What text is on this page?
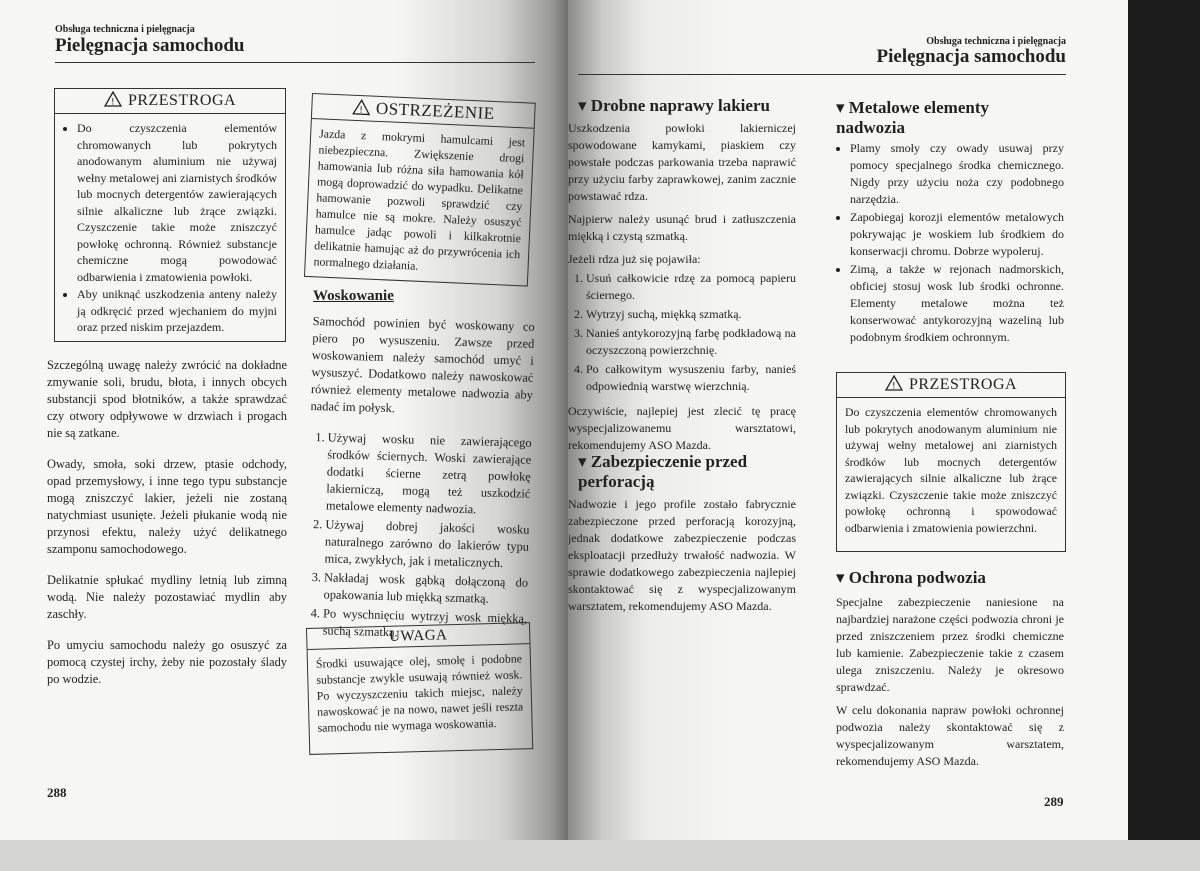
Obsługa techniczna i pielęgnacja
Pielęgnacja samochodu
! PRZESTROGA
• Do czyszczenia elementów chromowanych lub pokrytych anodowanym aluminium nie używaj wełny metalowej ani ziarnistych środków lub mocnych detergentów zawierających silnie alkaliczne lub żrące związki. Czyszczenie takie może zniszczyć powłokę ochronną. Również substancje chemiczne mogą powodować odbarwienia i zmatowienia powłoki.
• Aby uniknąć uszkodzenia anteny należy ją odkręcić przed wjechaniem do myjni oraz przed niskim przejazdem.

Szczególną uwagę należy zwrócić na dokładne zmywanie soli, brudu, błota, i innych obcych substancji spod błotników, a także sprawdzać czy otwory odpływowe w drzwiach i progach nie są zatkane.

Owady, smoła, soki drzew, ptasie odchody, opad przemysłowy, i inne tego typu substancje mogą zniszczyć lakier, jeżeli nie zostaną natychmiast usunięte. Jeżeli płukanie wodą nie przynosi efektu, należy użyć delikatnego szamponu samochodowego.

Delikatnie spłukać mydliny letnią lub zimną wodą. Nie należy pozostawiać mydlin aby zaschły.

Po umyciu samochodu należy go osuszyć za pomocą czystej irchy, żeby nie pozostały ślady po wodzie.

! OSTRZEŻENIE
Jazda z mokrymi hamulcami jest niebezpieczna. Zwiększenie drogi hamowania lub różna siła hamowania kół mogą doprowadzić do wypadku. Delikatne hamowanie pozwoli sprawdzić czy hamulce nie są mokre. Należy osuszyć hamulce jadąc powoli i kilkakrotnie delikatnie hamując aż do przywrócenia ich normalnego działania.
Woskowanie

Samochód powinien być woskowany co piero po wysuszeniu. Zawsze przed woskowaniem należy samochód umyć i wysuszyć. Dodatkowo należy nawoskować również elementy metalowe nadwozia aby nadać im połysk.

1. Używaj wosku nie zawierającego środków ściernych. Woski zawierające dodatki ścierne zetrą powłokę lakierniczą, mogą też uszkodzić metalowe elementy nadwozia.
2. Używaj dobrej jakości wosku naturalnego zarówno do lakierów typu mica, zwykłych, jak i metalicznych.
3. Nakładaj wosk gąbką dołączoną do opakowania lub miękką szmatką.
4. Po wyschnięciu wytrzyj wosk miękką, suchą szmatką.
UWAGA
Środki usuwające olej, smołę i podobne substancje zwykle usuwają również wosk. Po wyczyszczeniu takich miejsc, należy nawoskować je na nowo, nawet jeśli reszta samochodu nie wymaga woskowania.
288
Obsługa techniczna i pielęgnacja
Pielęgnacja samochodu
▾ Drobne naprawy lakieru

Uszkodzenia powłoki lakierniczej spowodowane kamykami, piaskiem czy powstałe podczas parkowania trzeba naprawić przy użyciu farby zaprawkowej, zanim zacznie powstawać rdza.

Najpierw należy usunąć brud i zatłuszczenia miękką i czystą szmatką.

Jeżeli rdza już się pojawiła:

1. Usuń całkowicie rdzę za pomocą papieru ściernego.
2. Wytrzyj suchą, miękką szmatką.
3. Nanieś antykorozyjną farbę podkładową na oczyszczoną powierzchnię.
4. Po całkowitym wysuszeniu farby, nanieś odpowiednią warstwę wierzchnią.

Oczywiście, najlepiej jest zlecić tę pracę wyspecjalizowanemu warsztatowi, rekomendujemy ASO Mazda.

▾ Zabezpieczenie przed perforacją
Nadwozie i jego profile zostało fabrycznie zabezpieczone przed perforacją korozyjną, jednak dodatkowe zabezpieczenie podczas eksploatacji przedłuży trwałość nadwozia. W sprawie dodatkowego zabezpieczenia najlepiej skontaktować się z wyspecjalizowanym warsztatem, rekomendujemy ASO Mazda.
▾ Metalowe elementy nadwozia
• Plamy smoły czy owady usuwaj przy pomocy specjalnego środka chemicznego. Nigdy przy użyciu noża czy podobnego narzędzia.
• Zapobiegaj korozji elementów metalowych pokrywając je woskiem lub środkiem do konserwacji chromu. Dobrze wypoleruj.
• Zimą, a także w rejonach nadmorskich, obficiej stosuj wosk lub środki ochronne. Elementy metalowe można też konserwować antykorozyjną wazeliną lub podobnym środkiem ochronnym.
! PRZESTROGA
Do czyszczenia elementów chromowanych lub pokrytych anodowanym aluminium nie używaj wełny metalowej ani ziarnistych środków lub mocnych detergentów zawierających silnie alkaliczne lub żrące związki. Czyszczenie takie może zniszczyć powłokę ochronną i spowodować odbarwienia i zmatowienia powierzchni.
▾ Ochrona podwozia

Specjalne zabezpieczenie naniesione na najbardziej narażone części podwozia chroni je przed zniszczeniem przez środki chemiczne lub kamienie. Zabezpieczenie takie z czasem ulega zniszczeniu. Należy je okresowo sprawdzać.

W celu dokonania napraw powłoki ochronnej podwozia należy skontaktować się z wyspecjalizowanym warsztatem, rekomendujemy ASO Mazda.

289
